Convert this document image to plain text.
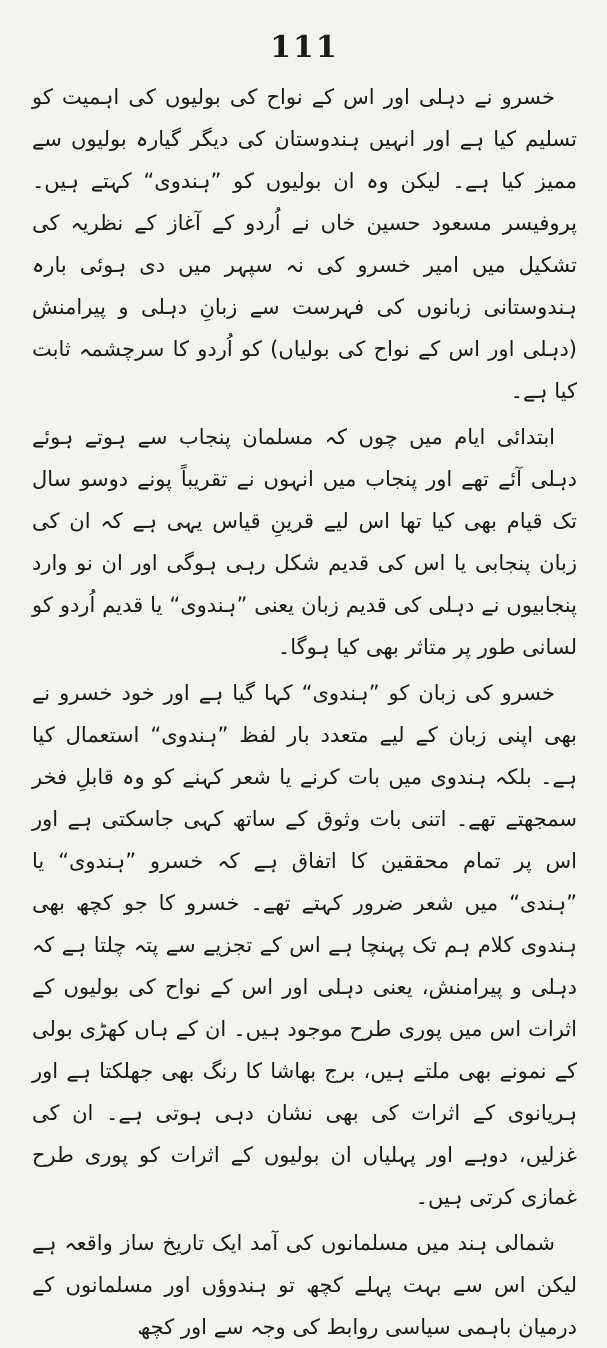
111

خسرو نے دہلی اور اس کے نواح کی بولیوں کی اہمیت کو تسلیم کیا ہے اور انہیں ہندوستان کی دیگر گیارہ بولیوں سے ممیز کیا ہے۔ لیکن وہ ان بولیوں کو ”ہندوی“ کہتے ہیں۔ پروفیسر مسعود حسین خاں نے اُردو کے آغاز کے نظریہ کی تشکیل میں امیر خسرو کی نہ سپہر میں دی ہوئی بارہ ہندوستانی زبانوں کی فہرست سے زبانِ دہلی و پیرامنش (دہلی اور اس کے نواح کی بولیاں) کو اُردو کا سرچشمہ ثابت کیا ہے۔

ابتدائی ایام میں چوں کہ مسلمان پنجاب سے ہوتے ہوئے دہلی آئے تھے اور پنجاب میں انہوں نے تقریباً پونے دوسو سال تک قیام بھی کیا تھا اس لیے قرینِ قیاس یہی ہے کہ ان کی زبان پنجابی یا اس کی قدیم شکل رہی ہوگی اور ان نو وارد پنجابیوں نے دہلی کی قدیم زبان یعنی ”ہندوی“ یا قدیم اُردو کو لسانی طور پر متاثر بھی کیا ہوگا۔

خسرو کی زبان کو ”ہندوی“ کہا گیا ہے اور خود خسرو نے بھی اپنی زبان کے لیے متعدد بار لفظ ”ہندوی“ استعمال کیا ہے۔ بلکہ ہندوی میں بات کرنے یا شعر کہنے کو وہ قابلِ فخر سمجھتے تھے۔ اتنی بات وثوق کے ساتھ کہی جاسکتی ہے اور اس پر تمام محققین کا اتفاق ہے کہ خسرو ”ہندوی“ یا ”ہندی“ میں شعر ضرور کہتے تھے۔ خسرو کا جو کچھ بھی ہندوی کلام ہم تک پہنچا ہے اس کے تجزیے سے پتہ چلتا ہے کہ دہلی و پیرامنش، یعنی دہلی اور اس کے نواح کی بولیوں کے اثرات اس میں پوری طرح موجود ہیں۔ ان کے ہاں کھڑی بولی کے نمونے بھی ملتے ہیں، برج بھاشا کا رنگ بھی جھلکتا ہے اور ہریانوی کے اثرات کی بھی نشان دہی ہوتی ہے۔ ان کی غزلیں، دوہے اور پہلیاں ان بولیوں کے اثرات کو پوری طرح غمازی کرتی ہیں۔

شمالی ہند میں مسلمانوں کی آمد ایک تاریخ ساز واقعہ ہے لیکن اس سے بہت پہلے کچھ تو ہندوؤں اور مسلمانوں کے درمیان باہمی سیاسی روابط کی وجہ سے اور کچھ
